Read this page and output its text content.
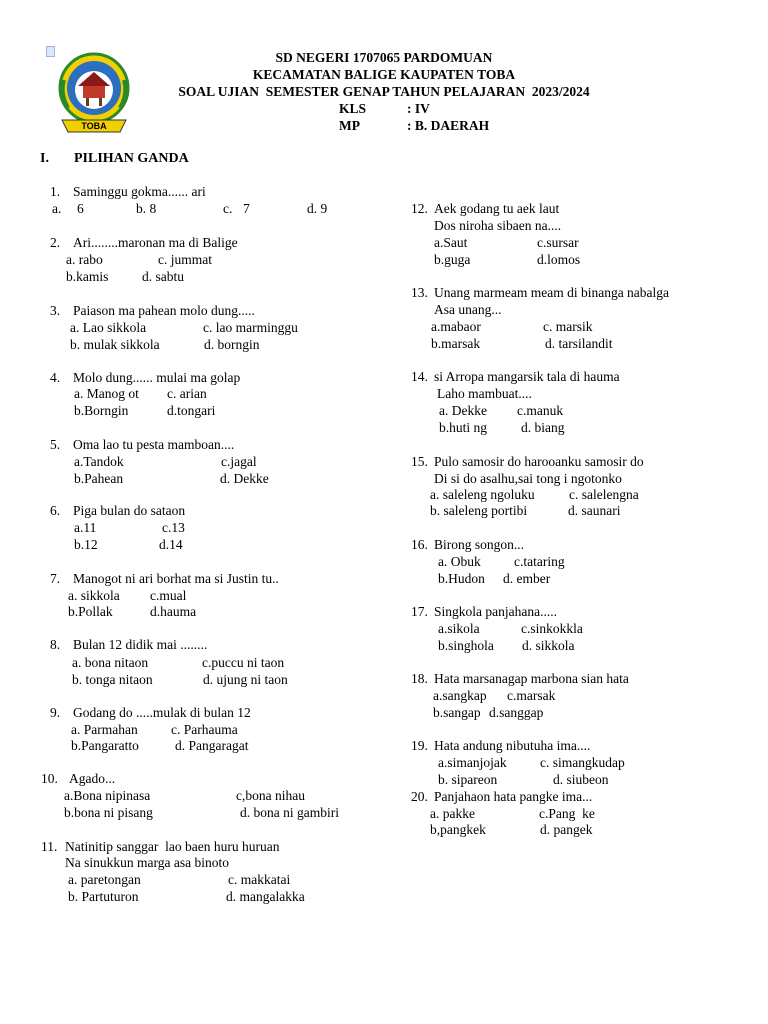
TOBA
SD NEGERI 1707065 PARDOMUAN
KECAMATAN BALIGE KAUPATEN TOBA
SOAL UJIAN  SEMESTER GENAP TAHUN PELAJARAN  2023/2024
KLS	: IV
MP	: B. DAERAH
I. PILIHAN GANDA
1. Saminggu gokma...... ari
a. 6	b. 8	c. 7	d. 9
2. Ari........maronan ma di Balige
a. rabo	c. jummat
b.kamis d. sabtu
3. Paiason ma pahean molo dung.....
a. Lao sikkola	c. lao marminggu
b. mulak sikkola	d. borngin
4. Molo dung...... mulai ma golap
a. Manog ot c. arian
b.Borngin	d.tongari
5. Oma lao tu pesta mamboan....
a.Tandok	c.jagal
b.Pahean	d. Dekke
6. Piga bulan do sataon
a.11	c.13
b.12	d.14
7. Manogot ni ari borhat ma si Justin tu..
a. sikkola c.mual
b.Pollak	d.hauma
8. Bulan 12 didik mai ........
a. bona nitaon	c.puccu ni taon
b. tonga nitaon	d. ujung ni taon
9. Godang do .....mulak di bulan 12
a. Parmahan c. Parhauma
b.Pangaratto	d. Pangaragat
10. Agado...
a.Bona nipinasa	c,bona nihau
b.bona ni pisang	d. bona ni gambiri
11. Natinitip sanggar  lao baen huru huruan
Na sinukkun marga asa binoto
a. paretongan	c. makkatai
b. Partuturon	d. mangalakka
12. Aek godang tu aek laut
Dos niroha sibaen na....
a.Saut	c.sursar
b.guga	d.lomos
13. Unang marmeam meam di binanga nabalga
Asa unang...
a.mabaor	c. marsik
b.marsak	d. tarsilandit
14. si Arropa mangarsik tala di hauma
Laho mambuat....
a. Dekke c.manuk
b.huti ng	d. biang
15. Pulo samosir do harooanku samosir do
Di si do asalhu,sai tong i ngotonko
a. saleleng ngoluku	c. salelengna
b. saleleng portibi	d. saunari
16. Birong songon...
a. Obuk c.tataring
b.Hudon d. ember
17. Singkola panjahana.....
a.sikola	c.sinkokkla
b.singhola d. sikkola
18. Hata marsanagap marbona sian hata
a.sangkap c.marsak
b.sangap d.sanggap
19. Hata andung nibutuha ima....
a.simanjojak c. simangkudap
b. sipareon	d. siubeon
20. Panjahaon hata pangke ima...
a. pakke	c.Pang  ke
b,pangkek	d. pangek
